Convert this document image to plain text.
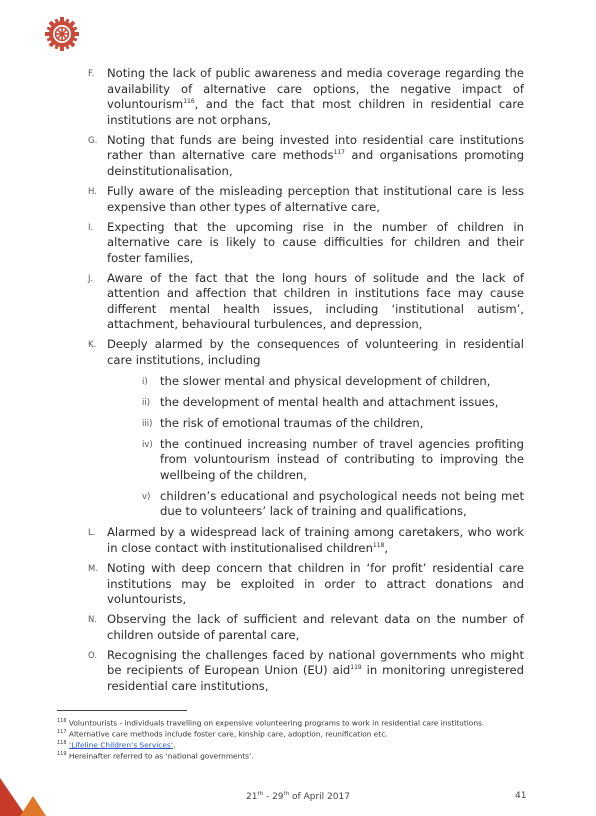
F. Noting the lack of public awareness and media coverage regarding the availability of alternative care options, the negative impact of voluntourism$^{116}$, and the fact that most children in residential care institutions are not orphans,
G. Noting that funds are being invested into residential care institutions rather than alternative care methods$^{117}$ and organisations promoting deinstitutionalisation,
H. Fully aware of the misleading perception that institutional care is less expensive than other types of alternative care,
I. Expecting that the upcoming rise in the number of children in alternative care is likely to cause difficulties for children and their foster families,
J. Aware of the fact that the long hours of solitude and the lack of attention and affection that children in institutions face may cause different mental health issues, including ‘institutional autism’, attachment, behavioural turbulences, and depression,
K. Deeply alarmed by the consequences of volunteering in residential care institutions, including
i) the slower mental and physical development of children,
ii) the development of mental health and attachment issues,
iii) the risk of emotional traumas of the children,
iv) the continued increasing number of travel agencies profiting from voluntourism instead of contributing to improving the wellbeing of the children,
v) children’s educational and psychological needs not being met due to volunteers’ lack of training and qualifications,
L. Alarmed by a widespread lack of training among caretakers, who work in close contact with institutionalised children$^{118}$,
M. Noting with deep concern that children in ‘for profit’ residential care institutions may be exploited in order to attract donations and voluntourists,
N. Observing the lack of sufficient and relevant data on the number of children outside of parental care,
O. Recognising the challenges faced by national governments who might be recipients of European Union (EU) aid$^{119}$ in monitoring unregistered residential care institutions,
$^{116}$ Voluntourists - individuals travelling on expensive volunteering programs to work in residential care institutions.
$^{117}$ Alternative care methods include foster care, kinship care, adoption, reunification etc.
$^{118}$ ‘Lifeline Children’s Services’.
$^{119}$ Hereinafter referred to as ‘national governments’.
21th - 29th of April 2017	41
